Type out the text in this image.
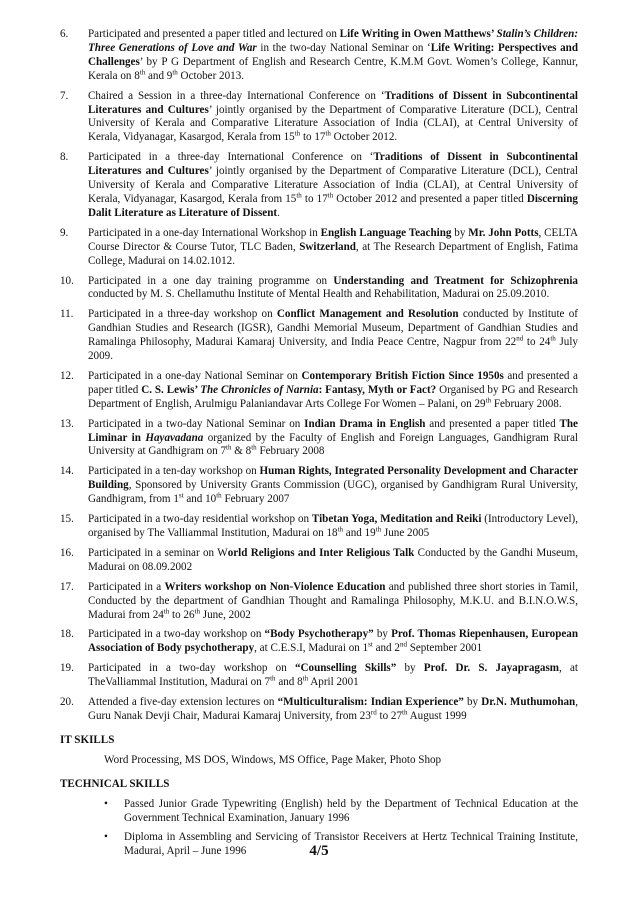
6.	Participated and presented a paper titled and lectured on Life Writing in Owen Matthews’ Stalin’s Children: Three Generations of Love and War in the two-day National Seminar on ‘Life Writing: Perspectives and Challenges’ by P G Department of English and Research Centre, K.M.M Govt. Women’s College, Kannur, Kerala on 8th and 9th October 2013.
7.	Chaired a Session in a three-day International Conference on ‘Traditions of Dissent in Subcontinental Literatures and Cultures’ jointly organised by the Department of Comparative Literature (DCL), Central University of Kerala and Comparative Literature Association of India (CLAI), at Central University of Kerala, Vidyanagar, Kasargod, Kerala from 15th to 17th October 2012.
8.	Participated in a three-day International Conference on ‘Traditions of Dissent in Subcontinental Literatures and Cultures’ jointly organised by the Department of Comparative Literature (DCL), Central University of Kerala and Comparative Literature Association of India (CLAI), at Central University of Kerala, Vidyanagar, Kasargod, Kerala from 15th to 17th October 2012 and presented a paper titled Discerning Dalit Literature as Literature of Dissent.
9.	Participated in a one-day International Workshop in English Language Teaching by Mr. John Potts, CELTA Course Director & Course Tutor, TLC Baden, Switzerland, at The Research Department of English, Fatima College, Madurai on 14.02.1012.
10.	Participated in a one day training programme on Understanding and Treatment for Schizophrenia conducted by M. S. Chellamuthu Institute of Mental Health and Rehabilitation, Madurai on 25.09.2010.
11.	Participated in a three-day workshop on Conflict Management and Resolution conducted by Institute of Gandhian Studies and Research (IGSR), Gandhi Memorial Museum, Department of Gandhian Studies and Ramalinga Philosophy, Madurai Kamaraj University, and India Peace Centre, Nagpur from 22nd to 24th July 2009.
12.	Participated in a one-day National Seminar on Contemporary British Fiction Since 1950s and presented a paper titled C. S. Lewis’ The Chronicles of Narnia: Fantasy, Myth or Fact? Organised by PG and Research Department of English, Arulmigu Palaniandavar Arts College For Women – Palani, on 29th February 2008.
13.	Participated in a two-day National Seminar on Indian Drama in English and presented a paper titled The Liminar in Hayavadana organized by the Faculty of English and Foreign Languages, Gandhigram Rural University at Gandhigram on 7th & 8th February 2008
14.	Participated in a ten-day workshop on Human Rights, Integrated Personality Development and Character Building, Sponsored by University Grants Commission (UGC), organised by Gandhigram Rural University, Gandhigram, from 1st and 10th February 2007
15.	Participated in a two-day residential workshop on Tibetan Yoga, Meditation and Reiki (Introductory Level), organised by The Valliammal Institution, Madurai on 18th and 19th June 2005
16.	Participated in a seminar on World Religions and Inter Religious Talk Conducted by the Gandhi Museum, Madurai on 08.09.2002
17.	Participated in a Writers workshop on Non-Violence Education and published three short stories in Tamil, Conducted by the department of Gandhian Thought and Ramalinga Philosophy, M.K.U. and B.I.N.O.W.S, Madurai from 24th to 26th June, 2002
18.	Participated in a two-day workshop on “Body Psychotherapy” by Prof. Thomas Riepenhausen, European Association of Body psychotherapy, at C.E.S.I, Madurai on 1st and 2nd September 2001
19.	Participated in a two-day workshop on “Counselling Skills” by Prof. Dr. S. Jayapragasm, at TheValliammal Institution, Madurai on 7th and 8th April 2001
20.	Attended a five-day extension lectures on “Multiculturalism: Indian Experience” by Dr.N. Muthumohan, Guru Nanak Devji Chair, Madurai Kamaraj University, from 23rd to 27th August 1999
IT SKILLS
Word Processing, MS DOS, Windows, MS Office, Page Maker, Photo Shop
TECHNICAL SKILLS
•	Passed Junior Grade Typewriting (English) held by the Department of Technical Education at the Government Technical Examination, January 1996
•	Diploma in Assembling and Servicing of Transistor Receivers at Hertz Technical Training Institute, Madurai, April – June 1996	4/5
